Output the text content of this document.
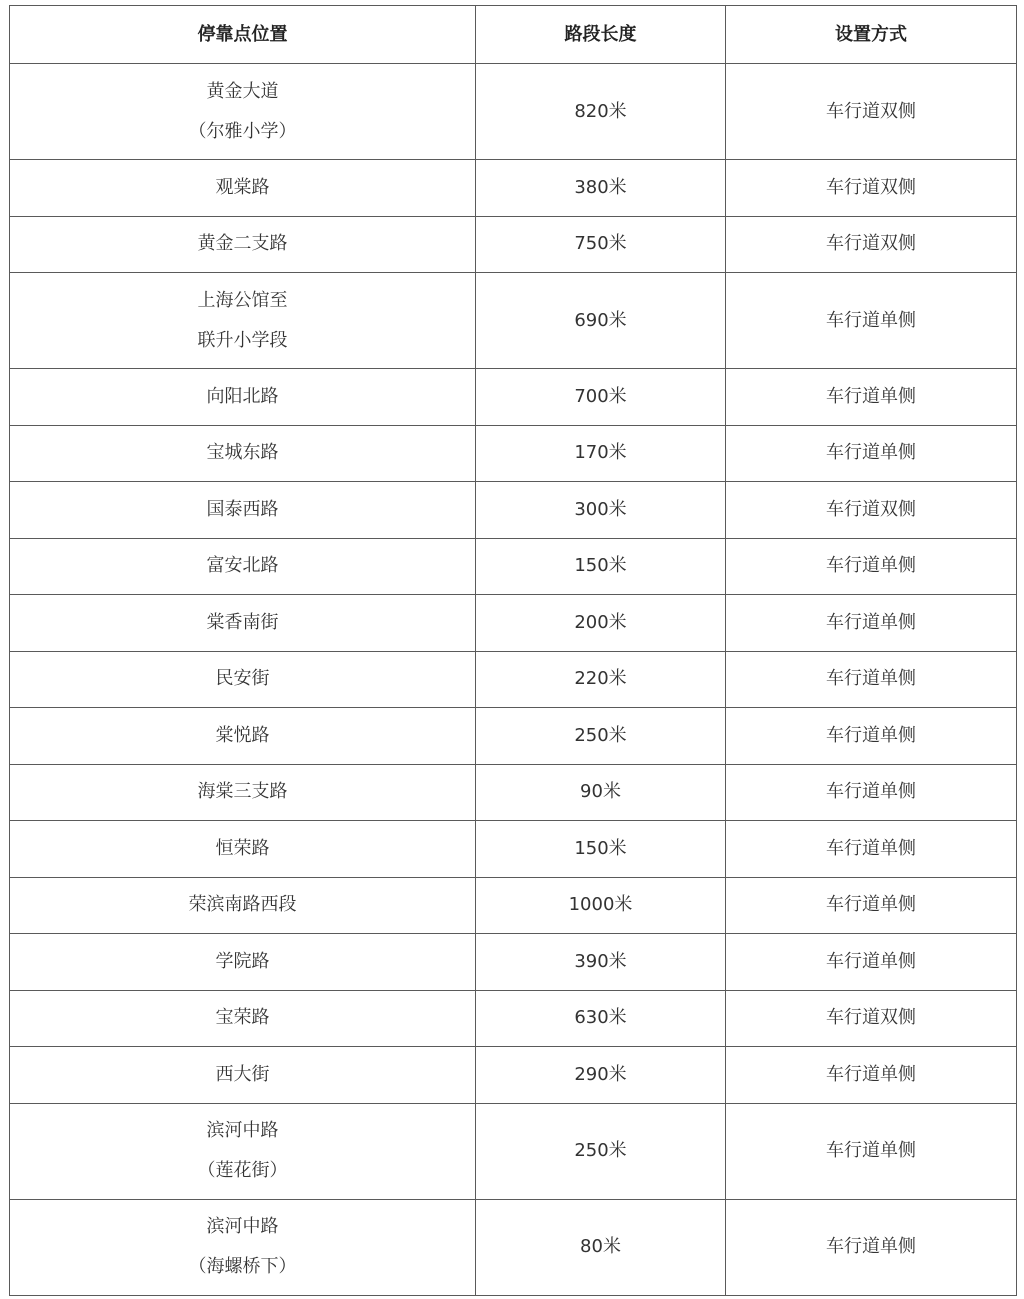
停靠点位置	路段长度	设置方式

黄金大道
（尔雅小学）	820米	车行道双侧

观棠路	380米	车行道双侧

黄金二支路	750米	车行道双侧

上海公馆至
联升小学段	690米	车行道单侧

向阳北路	700米	车行道单侧

宝城东路	170米	车行道单侧

国泰西路	300米	车行道双侧

富安北路	150米	车行道单侧

棠香南街	200米	车行道单侧

民安街	220米	车行道单侧

棠悦路	250米	车行道单侧

海棠三支路	90米	车行道单侧

恒荣路	150米	车行道单侧

荣滨南路西段	1000米	车行道单侧

学院路	390米	车行道单侧

宝荣路	630米	车行道双侧

西大街	290米	车行道单侧

滨河中路
（莲花街）	250米	车行道单侧

滨河中路
（海螺桥下）	80米	车行道单侧
